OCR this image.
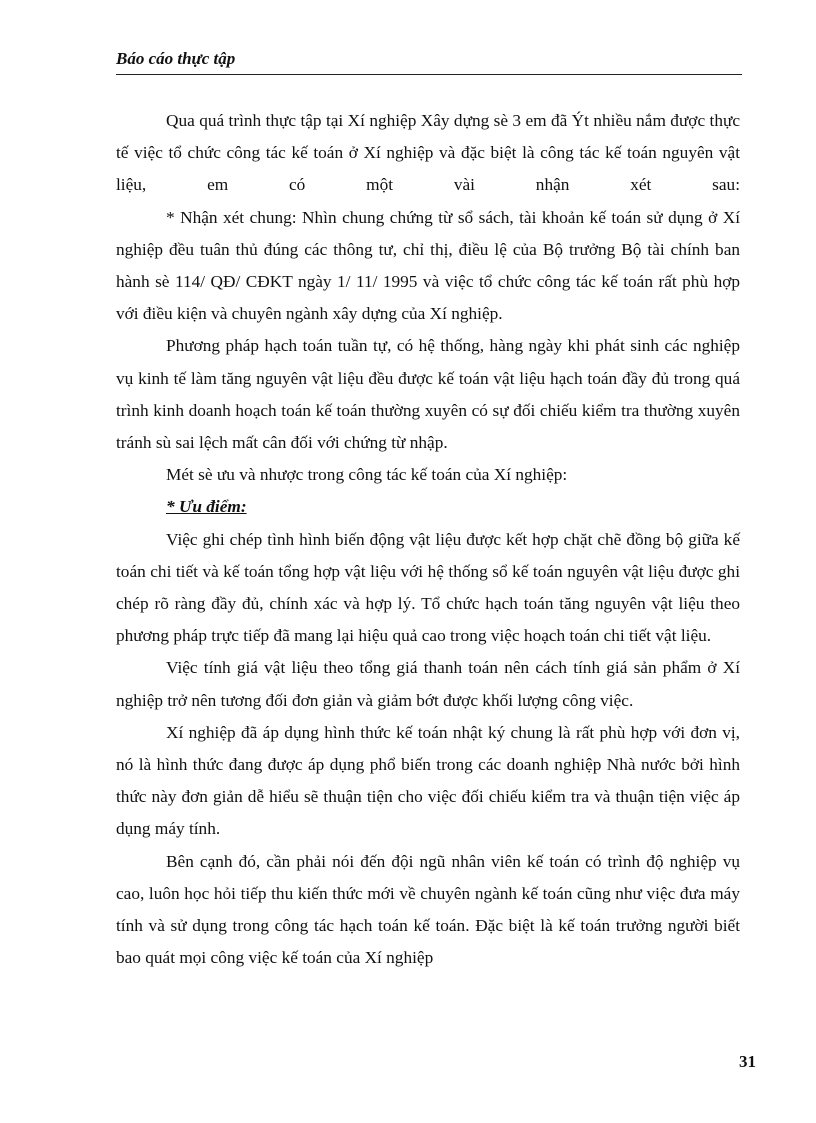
Báo cáo thực tập

Qua quá trình thực tập tại Xí nghiệp Xây dựng sè 3 em đã Ýt nhiều nắm được thực tế việc tổ chức công tác kế toán ở Xí nghiệp và đặc biệt là công tác kế toán nguyên vật liệu, em có một vài nhận xét sau:

* Nhận xét chung: Nhìn chung chứng từ sổ sách, tài khoản kế toán sử dụng ở Xí nghiệp đều tuân thủ đúng các thông tư, chỉ thị, điều lệ của Bộ trưởng Bộ tài chính ban hành sè 114/ QĐ/ CĐKT ngày 1/ 11/ 1995 và việc tổ chức công tác kế toán rất phù hợp với điều kiện và chuyên ngành xây dựng của Xí nghiệp.

Phương pháp hạch toán tuần tự, có hệ thống, hàng ngày khi phát sinh các nghiệp vụ kinh tế làm tăng nguyên vật liệu đều được kế toán vật liệu hạch toán đầy đủ trong quá trình kinh doanh hoạch toán kế toán thường xuyên có sự đối chiếu kiểm tra thường xuyên tránh sù sai lệch mất cân đối với chứng từ nhập.

Mét sè ưu và nhược trong công tác kế toán của Xí nghiệp:

* Ưu điểm:

Việc ghi chép tình hình biến động vật liệu được kết hợp chặt chẽ đồng bộ giữa kế toán chi tiết và kế toán tổng hợp vật liệu với hệ thống sổ kế toán nguyên vật liệu được ghi chép rõ ràng đầy đủ, chính xác và hợp lý. Tổ chức hạch toán tăng nguyên vật liệu theo phương pháp trực tiếp đã mang lại hiệu quả cao trong việc hoạch toán chi tiết vật liệu.

Việc tính giá vật liệu theo tổng giá thanh toán nên cách tính giá sản phẩm ở Xí nghiệp trở nên tương đối đơn giản và giảm bớt được khối lượng công việc.

Xí nghiệp đã áp dụng hình thức kế toán nhật ký chung là rất phù hợp với đơn vị, nó là hình thức đang được áp dụng phổ biến trong các doanh nghiệp Nhà nước bởi hình thức này đơn giản dễ hiểu sẽ thuận tiện cho việc đối chiếu kiểm tra và thuận tiện việc áp dụng máy tính.

Bên cạnh đó, cần phải nói đến đội ngũ nhân viên kế toán có trình độ nghiệp vụ cao, luôn học hỏi tiếp thu kiến thức mới về chuyên ngành kế toán cũng như việc đưa máy tính và sử dụng trong công tác hạch toán kế toán. Đặc biệt là kế toán trưởng người biết bao quát mọi công việc kế toán của Xí nghiệp

31
